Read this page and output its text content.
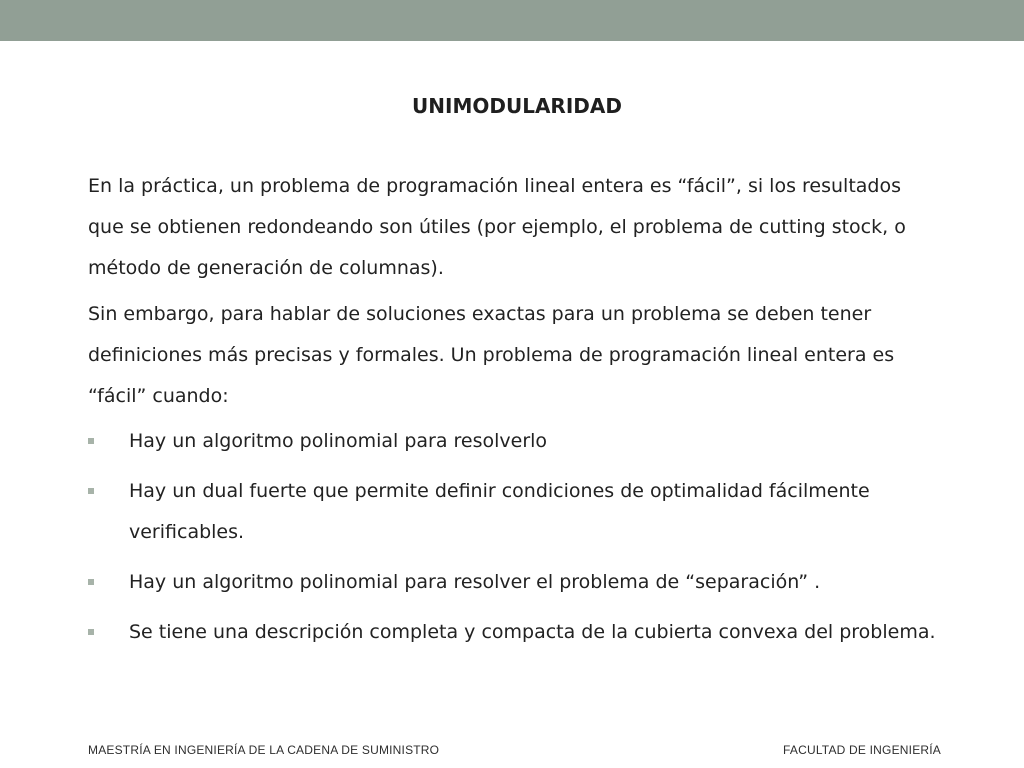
UNIMODULARIDAD

En la práctica, un problema de programación lineal entera es “fácil”, si los resultados que se obtienen redondeando son útiles (por ejemplo, el problema de cutting stock, o método de generación de columnas).

Sin embargo, para hablar de soluciones exactas para un problema se deben tener definiciones más precisas y formales. Un problema de programación lineal entera es “fácil” cuando:

Hay un algoritmo polinomial para resolverlo
Hay un dual fuerte que permite definir condiciones de optimalidad fácilmente verificables.
Hay un algoritmo polinomial para resolver el problema de “separación” .
Se tiene una descripción completa y compacta de la cubierta convexa del problema.
MAESTRÍA EN INGENIERÍA DE LA CADENA DE SUMINISTRO	FACULTAD DE INGENIERÍA
